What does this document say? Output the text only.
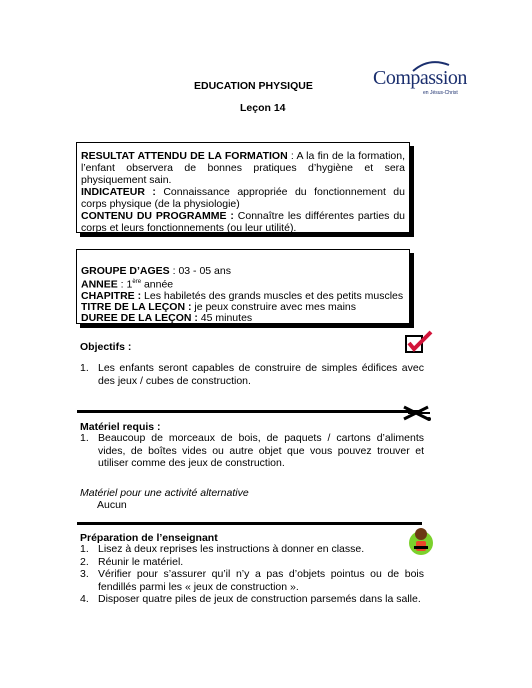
EDUCATION PHYSIQUE
Leçon 14
Compassion
en Jésus-Christ

RESULTAT ATTENDU DE LA FORMATION : A la fin de la formation, l’enfant observera de bonnes pratiques d’hygiène et sera physiquement sain.

INDICATEUR : Connaissance appropriée du fonctionnement du corps physique (de la physiologie)

CONTENU DU PROGRAMME : Connaître les différentes parties du corps et leurs fonctionnements (ou leur utilité).

GROUPE D’AGES : 03 - 05 ans

ANNEE : 1ère année

CHAPITRE : Les habiletés des grands muscles et des petits muscles

TITRE DE LA LEÇON : je peux construire avec mes mains

DUREE DE LA LEÇON : 45 minutes

Objectifs :
1. Les enfants seront capables de construire de simples édifices avec des jeux / cubes de construction.
Matériel requis :
1. Beaucoup de morceaux de bois, de paquets / cartons d’aliments vides, de boîtes vides ou autre objet que vous pouvez trouver et utiliser comme des jeux de construction.
Matériel pour une activité alternative
Aucun
Préparation de l’enseignant
1. Lisez à deux reprises les instructions à donner en classe.
2. Réunir le matériel.
3. Vérifier pour s’assurer qu’il n’y a pas d’objets pointus ou de bois fendillés parmi les « jeux de construction ».
4. Disposer quatre piles de jeux de construction parsemés dans la salle.
